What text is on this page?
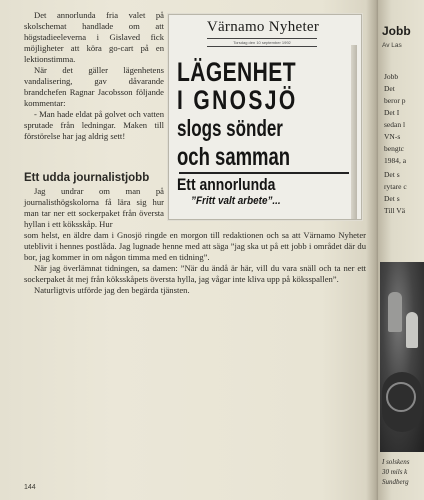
Det annorlunda fria valet på skolschemat handlade om att högstadieeleverna i Gislaved fick möjligheter att köra go-cart på en lektionstimma.

När det gäller lägenhetens vandalisering, gav dåvarande brandchefen Ragnar Jacobsson följande kommentar:

- Man hade eldat på golvet och vatten sprutade från ledningar. Maken till förstörelse har jag aldrig sett!

Ett udda journalistjobb

Jag undrar om man på journalisthögskolorna få lära sig hur man tar ner ett sockerpaket från översta hyllan i ett köksskåp. Hur

som helst, en äldre dam i Gnosjö ringde en morgon till redaktionen och sa att Värnamo Nyheter uteblivit i hennes postlåda. Jag lugnade henne med att säga ”jag ska ut på ett jobb i området där du bor, jag kommer in om någon timma med en tidning”.

När jag överlämnat tidningen, sa damen: ”När du ändå är här, vill du vara snäll och ta ner ett sockerpaket åt mej från köksskåpets översta hylla, jag vågar inte kliva upp på köksspallen”.

Naturligtvis utförde jag den begärda tjänsten.

Värnamo Nyheter
Torsdag den 10 september 1992
LÄGENHET
I GNOSJÖ
slogs sönder
och samman
Ett annorlunda
”Fritt valt arbete”...
144
Jobb
Av Las
Jobb
Det
beror p
Det I
sedan l
VN-s
bengtc
1984, a
Det s
rytare c
Det s
Till Vä
I solskens
30 mils k
Sundberg
